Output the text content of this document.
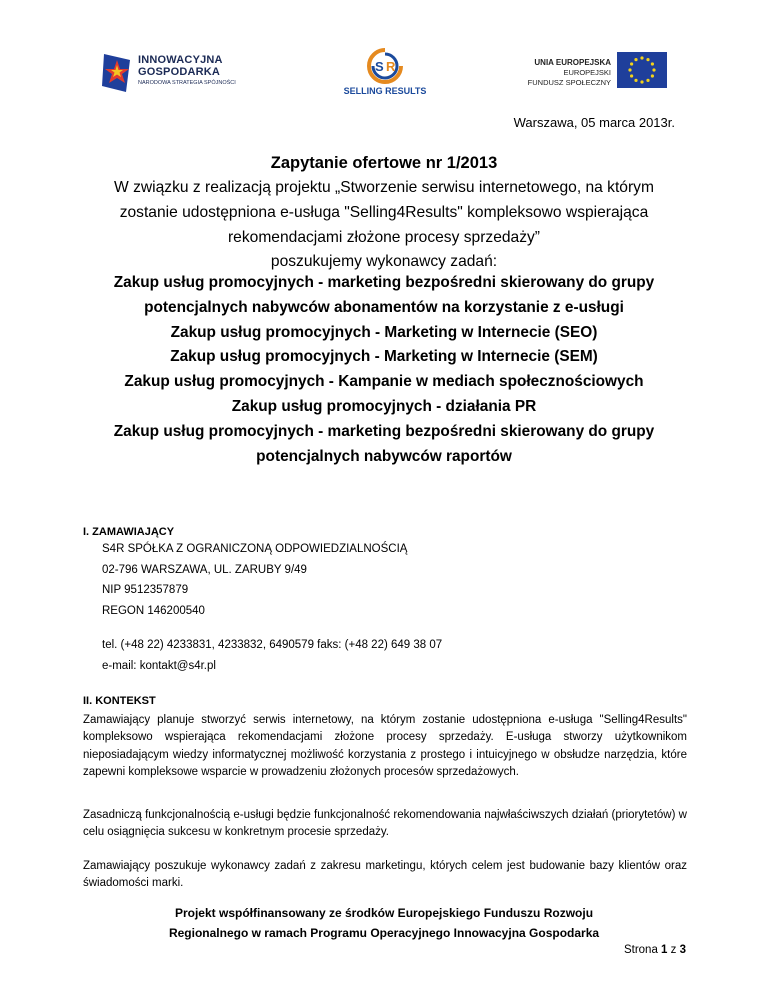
INNOWACYJNA
GOSPODARKA
NARODOWA STRATEGIA SPÓJNOŚCI
S R
SELLING RESULTS
UNIA EUROPEJSKA
EUROPEJSKI
FUNDUSZ SPOŁECZNY
Warszawa, 05 marca 2013r.
Zapytanie ofertowe nr 1/2013
W związku z realizacją projektu „Stworzenie serwisu internetowego, na którym
zostanie udostępniona e-usługa "Selling4Results" kompleksowo wspierająca
rekomendacjami złożone procesy sprzedaży”
poszukujemy wykonawcy zadań:
Zakup usług promocyjnych - marketing bezpośredni skierowany do grupy
potencjalnych nabywców abonamentów na korzystanie z e-usługi
Zakup usług promocyjnych - Marketing w Internecie (SEO)
Zakup usług promocyjnych - Marketing w Internecie (SEM)
Zakup usług promocyjnych - Kampanie w mediach społecznościowych
Zakup usług promocyjnych - działania PR
Zakup usług promocyjnych - marketing bezpośredni skierowany do grupy
potencjalnych nabywców raportów
I. ZAMAWIAJĄCY
S4R SPÓŁKA Z OGRANICZONĄ ODPOWIEDZIALNOŚCIĄ
02-796 WARSZAWA, UL. ZARUBY 9/49
NIP 9512357879
REGON 146200540
tel. (+48 22) 4233831, 4233832, 6490579 faks: (+48 22) 649 38 07
e-mail: kontakt@s4r.pl
II. KONTEKST
Zamawiający planuje stworzyć serwis internetowy, na którym zostanie udostępniona e-usługa "Selling4Results" kompleksowo wspierająca rekomendacjami złożone procesy sprzedaży. E-usługa stworzy użytkownikom nieposiadającym wiedzy informatycznej możliwość korzystania z prostego i intuicyjnego w obsłudze narzędzia, które zapewni kompleksowe wsparcie w prowadzeniu złożonych procesów sprzedażowych.
Zasadniczą funkcjonalnością e-usługi będzie funkcjonalność rekomendowania najwłaściwszych działań (priorytetów) w celu osiągnięcia sukcesu w konkretnym procesie sprzedaży.
Zamawiający poszukuje wykonawcy zadań z zakresu marketingu, których celem jest budowanie bazy klientów oraz świadomości marki.
Projekt współfinansowany ze środków Europejskiego Funduszu Rozwoju
Regionalnego w ramach Programu Operacyjnego Innowacyjna Gospodarka
Strona 1 z 3
